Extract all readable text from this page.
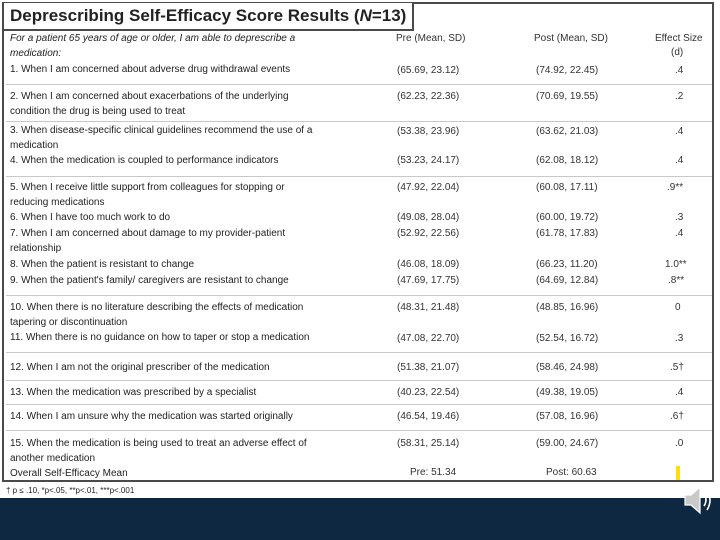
Deprescribing Self-Efficacy Score Results (N=13)
For a patient 65 years of age or older, I am able to deprescribe a
medication:
Pre (Mean, SD)	Post (Mean, SD)	Effect Size
(d)
1. When I am concerned about adverse drug withdrawal events	(65.69, 23.12)	(74.92, 22.45)	.4
2. When I am concerned about exacerbations of the underlying
condition the drug is being used to treat
(62.23, 22.36)	(70.69, 19.55)	.2
3. When disease-specific clinical guidelines recommend the use of a
medication
(53.38, 23.96)	(63.62, 21.03)	.4
4. When the medication is coupled to performance indicators	(53.23, 24.17)	(62.08, 18.12)	.4
5. When I receive little support from colleagues for stopping or
reducing medications
(47.92, 22.04)	(60.08, 17.11)	.9**
6. When I have too much work to do	(49.08, 28.04)	(60.00, 19.72)	.3
7. When I am concerned about damage to my provider-patient
relationship
(52.92, 22.56)	(61.78, 17.83)	.4
8. When the patient is resistant to change	(46.08, 18.09)	(66.23, 11.20)	1.0**
9. When the patient's family/ caregivers are resistant to change	(47.69, 17.75)	(64.69, 12.84)	.8**
10. When there is no literature describing the effects of medication
tapering or discontinuation
(48.31, 21.48)	(48.85, 16.96)	0
11. When there is no guidance on how to taper or stop a medication	(47.08, 22.70)	(52.54, 16.72)	.3
12. When I am not the original prescriber of the medication	(51.38, 21.07)	(58.46, 24.98)	.5†
13. When the medication was prescribed by a specialist	(40.23, 22.54)	(49.38, 19.05)	.4
14. When I am unsure why the medication was started originally	(46.54, 19.46)	(57.08, 16.96)	.6†
15. When the medication is being used to treat an adverse effect of
another medication
(58.31, 25.14)	(59.00, 24.67)	.0
Overall Self-Efficacy Mean	Pre: 51.34	Post: 60.63
† p ≤ .10, *p<.05, **p<.01, ***p<.001
